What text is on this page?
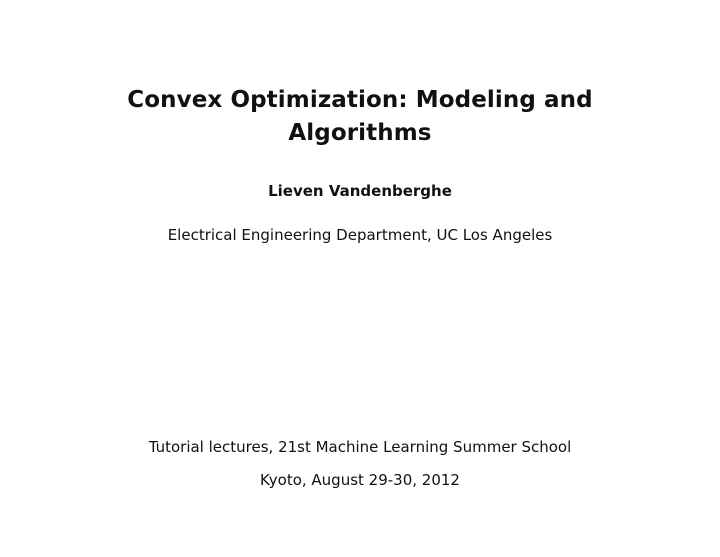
Convex Optimization: Modeling and Algorithms
Lieven Vandenberghe
Electrical Engineering Department, UC Los Angeles
Tutorial lectures, 21st Machine Learning Summer School
Kyoto, August 29-30, 2012
